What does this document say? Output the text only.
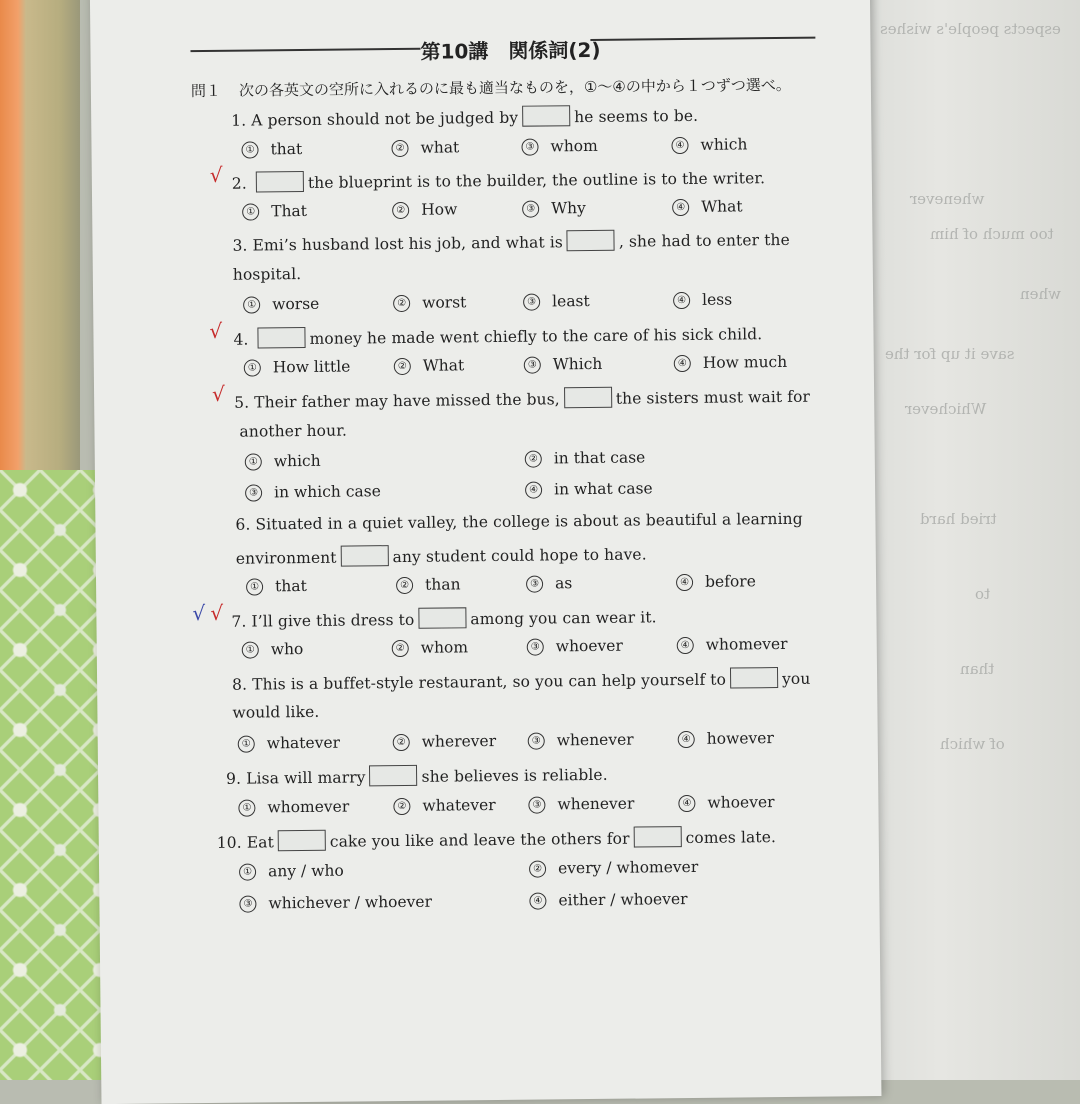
espects people's wishes
whenever
too much of him
when
save it up for the
Whichever
tried hard
to
than
of which
第10講　関係詞(2)
問１ 次の各英文の空所に入れるのに最も適当なものを，①～④の中から１つずつ選べ。
1. A person should not be judged by	he seems to be.
① that	② what	③ whom	④ which
√ 2.	the blueprint is to the builder, the outline is to the writer.
① That	② How	③ Why	④ What
3. Emi’s husband lost his job, and what is	, she had to enter the
hospital.
① worse	② worst	③ least	④ less
√ 4.	money he made went chiefly to the care of his sick child.
① How little	② What	③ Which	④ How much
√ 5. Their father may have missed the bus,	the sisters must wait for
another hour.
① which	② in that case
③ in which case	④ in what case
6. Situated in a quiet valley, the college is about as beautiful a learning
environment	any student could hope to have.
① that	② than	③ as	④ before
√ √ 7. I’ll give this dress to	among you can wear it.
① who	② whom	③ whoever	④ whomever
8. This is a buffet-style restaurant, so you can help yourself to	you
would like.
① whatever	② wherever	③ whenever	④ however
9. Lisa will marry	she believes is reliable.
① whomever	② whatever	③ whenever	④ whoever
10. Eat	cake you like and leave the others for	comes late.
① any / who	② every / whomever
③ whichever / whoever	④ either / whoever
